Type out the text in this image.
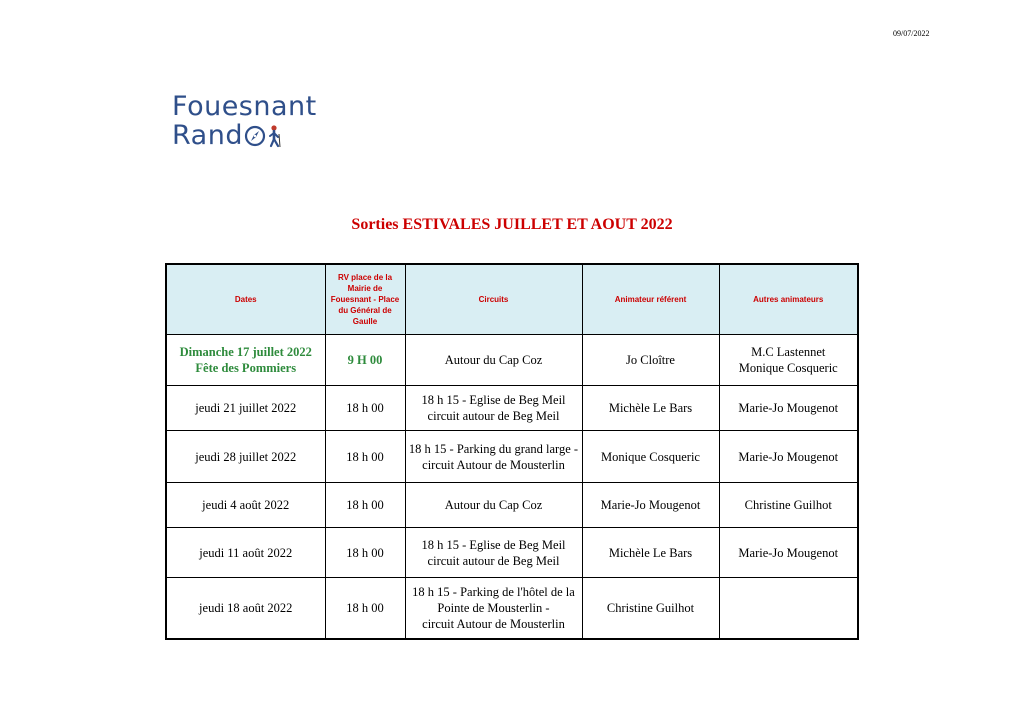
09/07/2022
Fouesnant
Rand
Sorties ESTIVALES JUILLET ET AOUT 2022
Dates	RV place de la
Mairie de
Fouesnant - Place
du Général de
Gaulle	Circuits	Animateur référent	Autres animateurs

Dimanche 17 juillet 2022
Fête des Pommiers	9 H 00	Autour du Cap Coz	Jo Cloître	M.C Lastennet
Monique Cosqueric

jeudi 21 juillet 2022	18 h 00	18 h 15 - Eglise de Beg Meil
circuit autour de Beg Meil	Michèle Le Bars	Marie-Jo Mougenot

jeudi 28 juillet 2022	18 h 00	18 h 15 - Parking du grand large -
circuit Autour de Mousterlin	Monique Cosqueric	Marie-Jo Mougenot

jeudi 4 août 2022	18 h 00	Autour du Cap Coz	Marie-Jo Mougenot	Christine Guilhot

jeudi 11 août 2022	18 h 00	18 h 15 - Eglise de Beg Meil
circuit autour de Beg Meil	Michèle Le Bars	Marie-Jo Mougenot

jeudi 18 août 2022	18 h 00	18 h 15 - Parking de l'hôtel de la
Pointe de Mousterlin -
circuit Autour de Mousterlin	Christine Guilhot	
